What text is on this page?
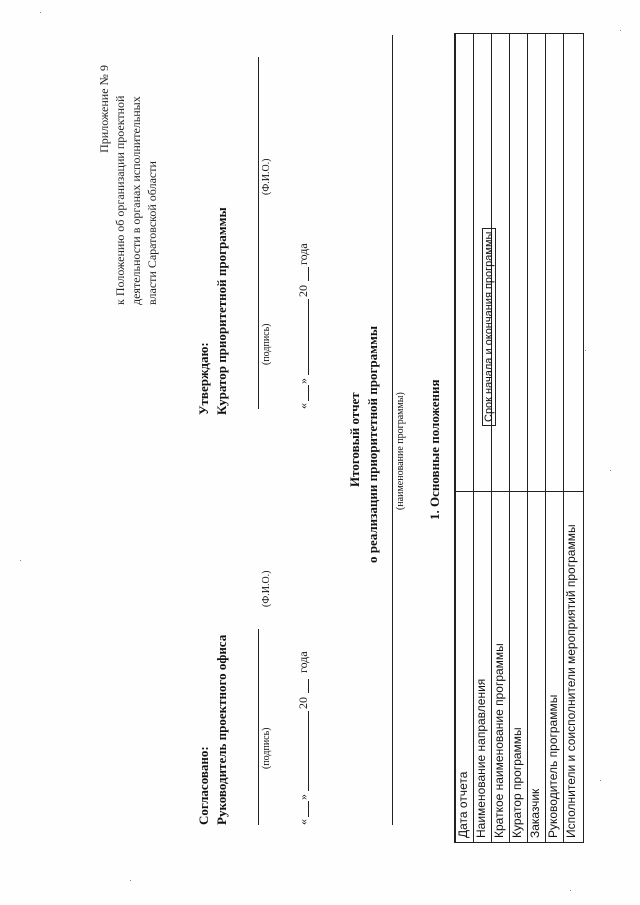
Приложение № 9 к Положению об организации проектной деятельности в органах исполнительных власти Саратовской области
Согласовано: Руководитель проектного офиса	(подпись)
(Ф.И.О.)
«
»
20
года
Утверждаю: Куратор приоритетной программы	(подпись)
(Ф.И.О.)
«
»
20
года
Итоговый отчет о реализации приоритетной программы (наименование программы) 1. Основные положения
Дата отчета Наименование направления Краткое наименование программы
Срок начала и окончания программы
Куратор программы Заказчик Руководитель программы Исполнители и соисполнители мероприятий программы
